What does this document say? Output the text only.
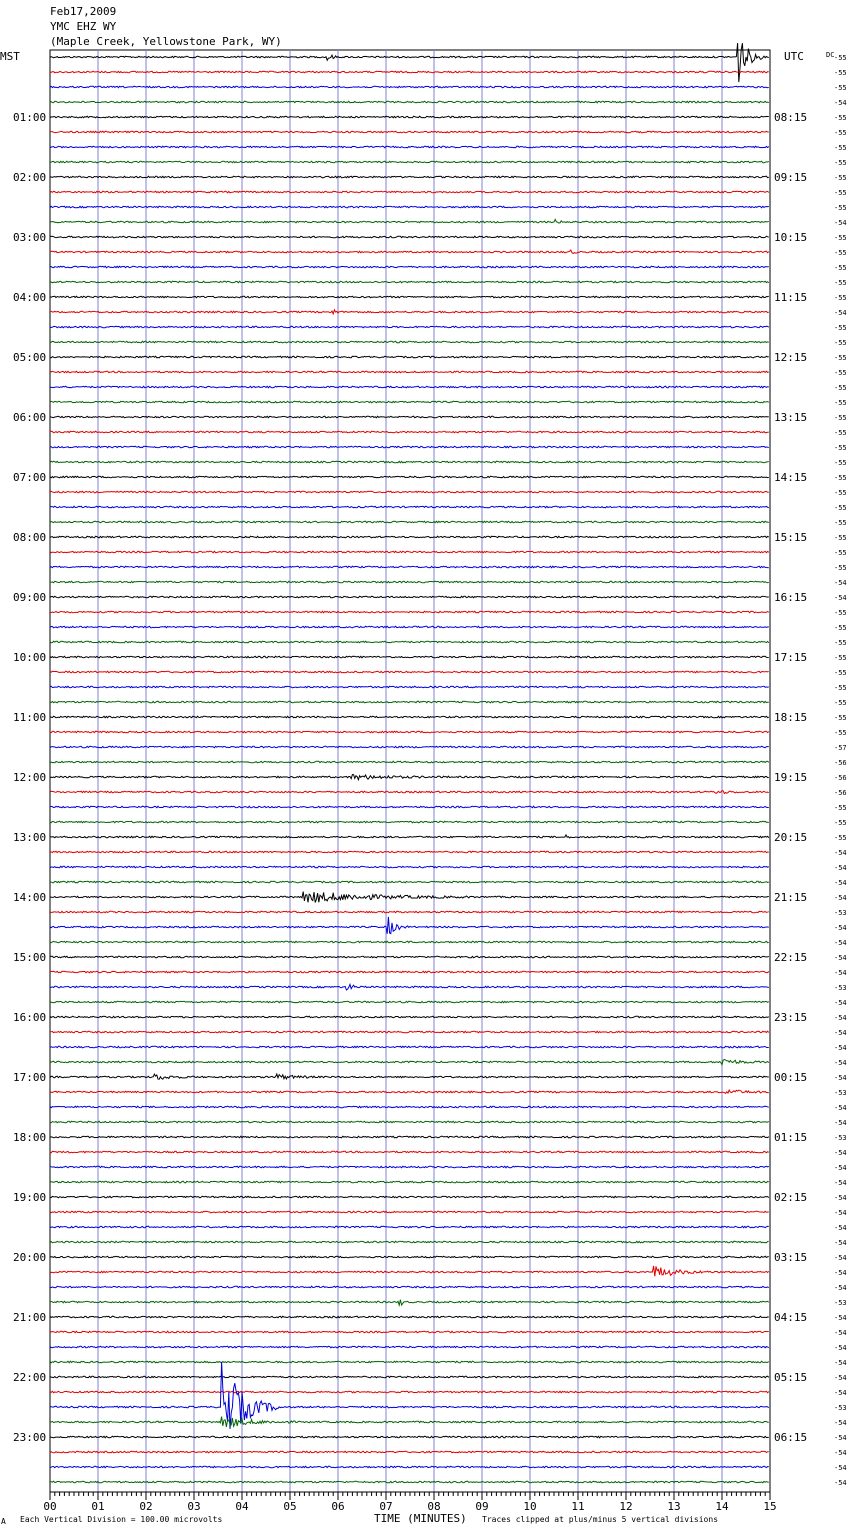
Feb17,2009
YMC EHZ WY
(Maple Creek, Yellowstone Park, WY)
MST	UTC	-55
-55
-55
-54
-55
-55
-55
-55
-55
-55
-55
-54
-55
-55
-55
-55
-55
-54
-55
-55
-55
-55
-55
-55
-55
-55
-55
-55
-55
-55
-55
-55
-55
-55
-55
-54
-54
-55
-55
-55
-55
-55
-55
-55
-55
-55
-57
-56
-56
-56
-55
-55
-55
-54
-54
-54
-54
-53
-54
-54
-54
-54
-53
-54
-54
-54
-54
-54
-54
-53
-54
-54
-53
-54
-54
-54
-54
-54
-54
-54
-54
-54
-54
-53
-54
-54
-54
-54
-54
-54
-53
-54
-54
-54
-54
-54
DC
01:00
02:00
03:00
04:00
05:00
06:00
07:00
08:00
09:00
10:00
11:00
12:00
13:00
14:00
15:00
16:00
17:00
18:00
19:00
20:00
21:00
22:00
23:00
08:15
09:15
10:15
11:15
12:15
13:15
14:15
15:15
16:15
17:15
18:15
19:15
20:15
21:15
22:15
23:15
00:15
01:15
02:15
03:15
04:15
05:15
06:15
00	01	02	03	04	05	06	07	08	09	10	11	12	13	14	15
A Each Vertical Division = 100.00 microvolts	TIME (MINUTES) Traces clipped at plus/minus 5 vertical divisions
